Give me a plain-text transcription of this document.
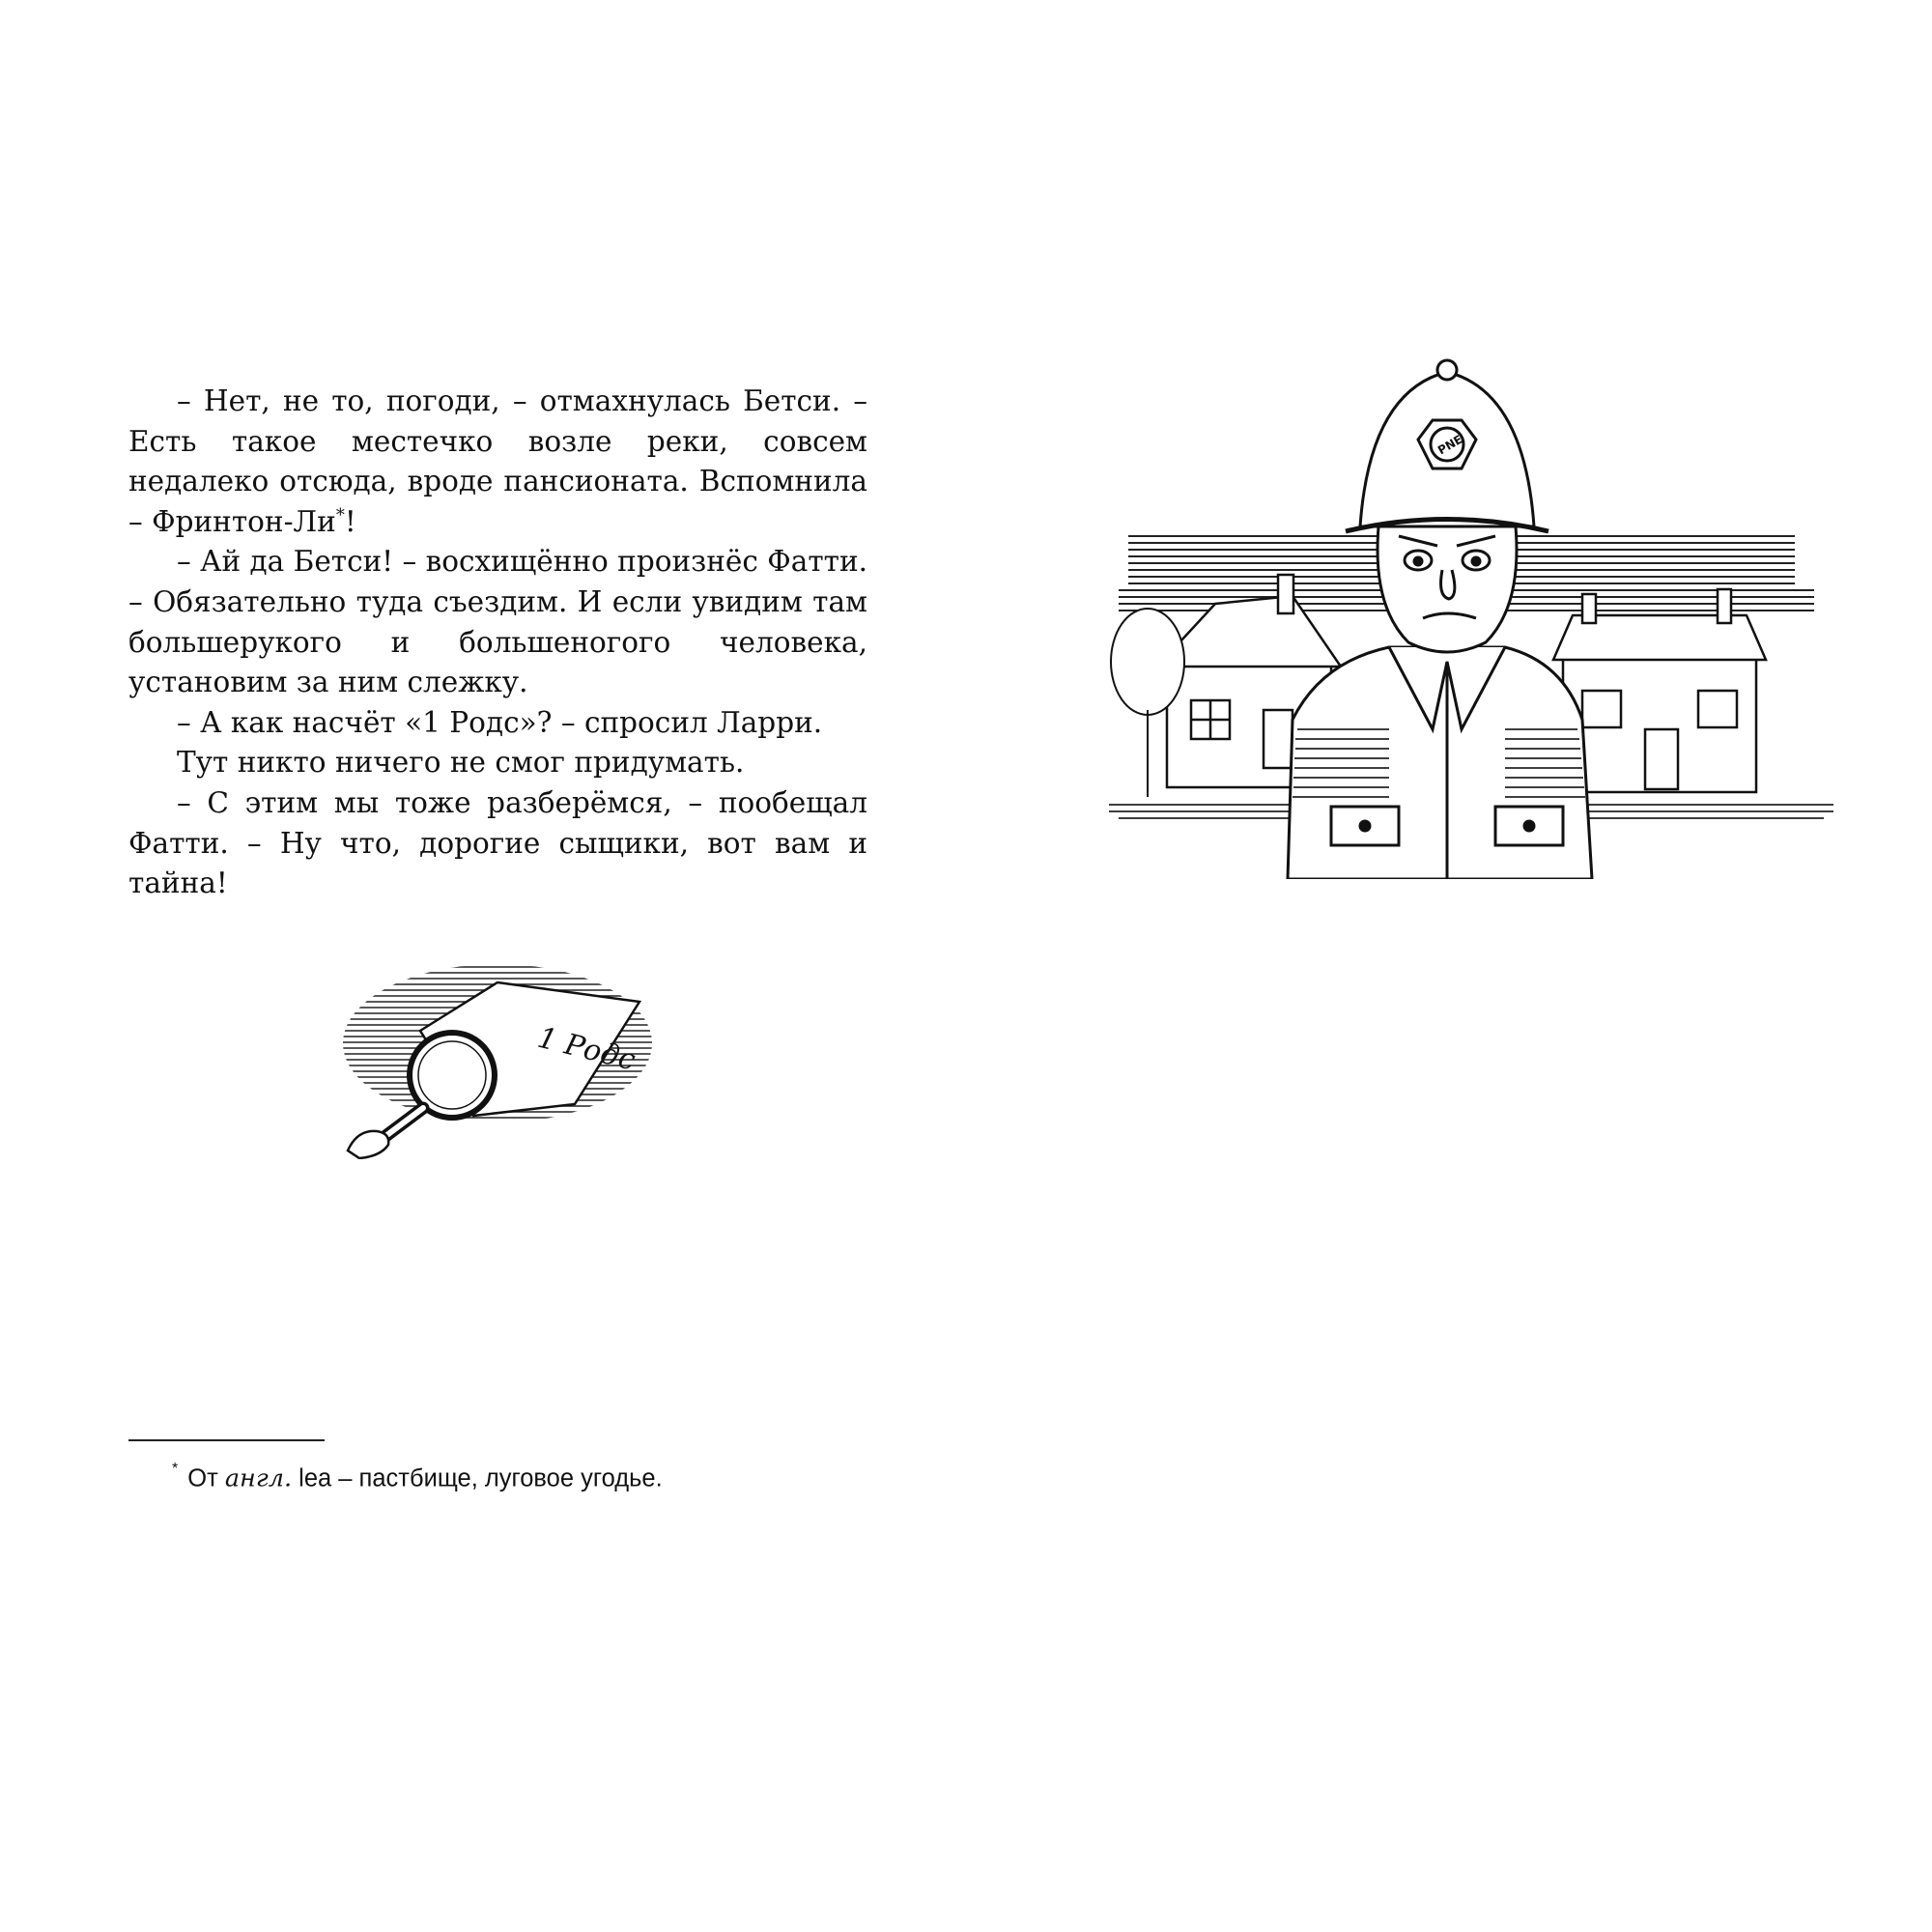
– Нет, не то, погоди, – отмахнулась Бетси. – Есть такое местечко возле реки, совсем недалеко отсюда, вроде пансионата. Вспомнила – Фринтон-Ли*!

– Ай да Бетси! – восхищённо произнёс Фатти. – Обязательно туда съездим. И если увидим там большерукого и большеногого человека, установим за ним слежку.

– А как насчёт «1 Родс»? – спросил Ларри.

Тут никто ничего не смог придумать.

– С этим мы тоже разберёмся, – пообещал Фатти. – Ну что, дорогие сыщики, вот вам и тайна!

1 Родс
* От англ. lea – пастбище, луговое угодье.
PNE
